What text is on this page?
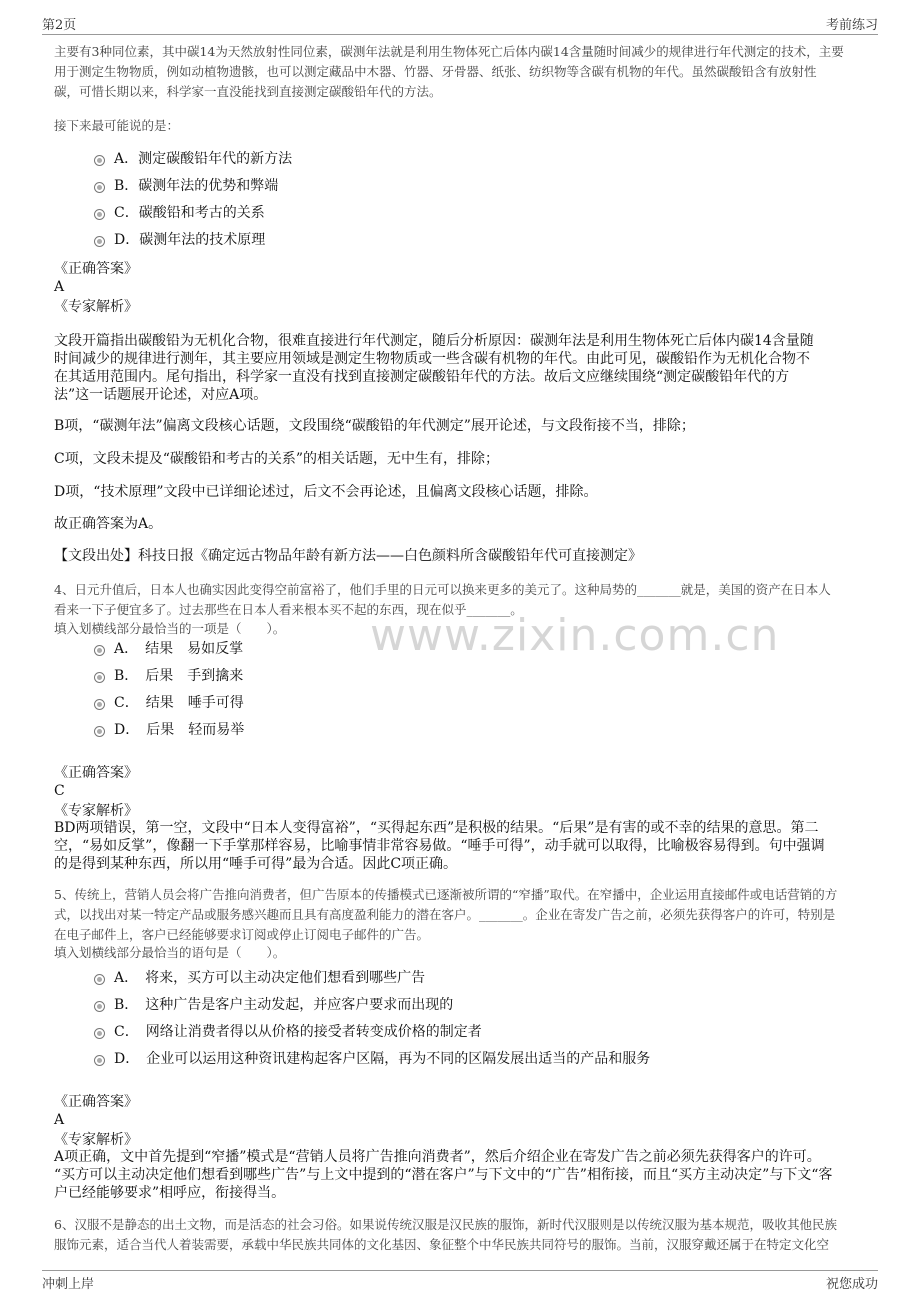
第2页	考前练习
www.zixin.com.cn

主要有3种同位素，其中碳14为天然放射性同位素，碳测年法就是利用生物体死亡后体内碳14含量随时间减少的规律进行年代测定的技术，主要

用于测定生物物质，例如动植物遗骸，也可以测定藏品中木器、竹器、牙骨器、纸张、纺织物等含碳有机物的年代。虽然碳酸铅含有放射性

碳，可惜长期以来，科学家一直没能找到直接测定碳酸铅年代的方法。

接下来最可能说的是：

A．测定碳酸铅年代的新方法
B．碳测年法的优势和弊端
C．碳酸铅和考古的关系
D．碳测年法的技术原理

《正确答案》

A

《专家解析》

文段开篇指出碳酸铅为无机化合物，很难直接进行年代测定，随后分析原因：碳测年法是利用生物体死亡后体内碳14含量随

时间减少的规律进行测年，其主要应用领域是测定生物物质或一些含碳有机物的年代。由此可见，碳酸铅作为无机化合物不

在其适用范围内。尾句指出，科学家一直没有找到直接测定碳酸铅年代的方法。故后文应继续围绕“测定碳酸铅年代的方

法”这一话题展开论述，对应A项。

B项，“碳测年法”偏离文段核心话题，文段围绕“碳酸铅的年代测定”展开论述，与文段衔接不当，排除；

C项，文段未提及“碳酸铅和考古的关系”的相关话题，无中生有，排除；

D项，“技术原理”文段中已详细论述过，后文不会再论述，且偏离文段核心话题，排除。

故正确答案为A。

【文段出处】科技日报《确定远古物品年龄有新方法——白色颜料所含碳酸铅年代可直接测定》

4、日元升值后，日本人也确实因此变得空前富裕了，他们手里的日元可以换来更多的美元了。这种局势的_______就是，美国的资产在日本人

看来一下子便宜多了。过去那些在日本人看来根本买不起的东西，现在似乎_______。

填入划横线部分最恰当的一项是（　　）。

A．　结果　易如反掌
B．　后果　手到擒来
C．　结果　唾手可得
D．　后果　轻而易举

《正确答案》

C

《专家解析》

BD两项错误，第一空，文段中“日本人变得富裕”，“买得起东西”是积极的结果。“后果”是有害的或不幸的结果的意思。第二

空，“易如反掌”，像翻一下手掌那样容易，比喻事情非常容易做。“唾手可得”，动手就可以取得，比喻极容易得到。句中强调

的是得到某种东西，所以用“唾手可得”最为合适。因此C项正确。

5、传统上，营销人员会将广告推向消费者，但广告原本的传播模式已逐渐被所谓的“窄播”取代。在窄播中，企业运用直接邮件或电话营销的方

式，以找出对某一特定产品或服务感兴趣而且具有高度盈利能力的潜在客户。_______。企业在寄发广告之前，必须先获得客户的许可，特别是

在电子邮件上，客户已经能够要求订阅或停止订阅电子邮件的广告。

填入划横线部分最恰当的语句是（　　）。

A．　将来，买方可以主动决定他们想看到哪些广告
B．　这种广告是客户主动发起，并应客户要求而出现的
C．　网络让消费者得以从价格的接受者转变成价格的制定者
D．　企业可以运用这种资讯建构起客户区隔，再为不同的区隔发展出适当的产品和服务

《正确答案》

A

《专家解析》

A项正确，文中首先提到“窄播”模式是“营销人员将广告推向消费者”，然后介绍企业在寄发广告之前必须先获得客户的许可。

“买方可以主动决定他们想看到哪些广告”与上文中提到的“潜在客户”与下文中的“广告”相衔接，而且“买方主动决定”与下文“客

户已经能够要求”相呼应，衔接得当。

6、汉服不是静态的出土文物，而是活态的社会习俗。如果说传统汉服是汉民族的服饰，新时代汉服则是以传统汉服为基本规范，吸收其他民族

服饰元素，适合当代人着装需要，承载中华民族共同体的文化基因、象征整个中华民族共同符号的服饰。当前，汉服穿戴还属于在特定文化空

冲刺上岸	祝您成功
